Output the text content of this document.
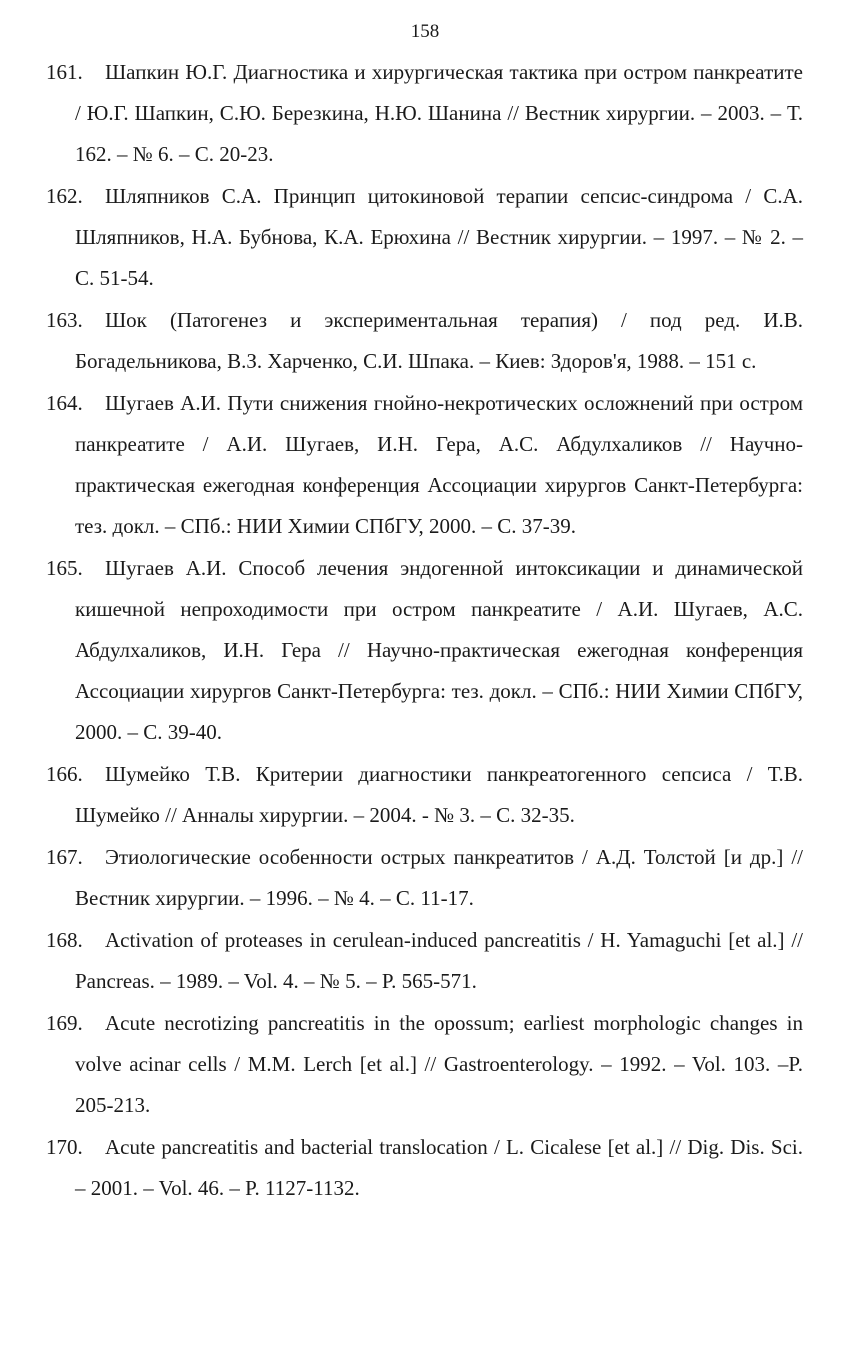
158
161. Шапкин Ю.Г. Диагностика и хирургическая тактика при остром панкреатите / Ю.Г. Шапкин, С.Ю. Березкина, Н.Ю. Шанина // Вестник хирургии. – 2003. – Т. 162. – № 6. – С. 20-23.
162. Шляпников С.А. Принцип цитокиновой терапии сепсис-синдрома / С.А. Шляпников, Н.А. Бубнова, К.А. Ерюхина // Вестник хирургии. – 1997. – № 2. – С. 51-54.
163. Шок (Патогенез и экспериментальная терапия) / под ред. И.В. Богадельникова, В.З. Харченко, С.И. Шпака. – Киев: Здоров'я, 1988. – 151 с.
164. Шугаев А.И. Пути снижения гнойно-некротических осложнений при остром панкреатите / А.И. Шугаев, И.Н. Гера, А.С. Абдулхаликов // Научно-практическая ежегодная конференция Ассоциации хирургов Санкт-Петербурга: тез. докл. – СПб.: НИИ Химии СПбГУ, 2000. – С. 37-39.
165. Шугаев А.И. Способ лечения эндогенной интоксикации и динамической кишечной непроходимости при остром панкреатите / А.И. Шугаев, А.С. Абдулхаликов, И.Н. Гера // Научно-практическая ежегодная конференция Ассоциации хирургов Санкт-Петербурга: тез. докл. – СПб.: НИИ Химии СПбГУ, 2000. – С. 39-40.
166. Шумейко Т.В. Критерии диагностики панкреатогенного сепсиса / Т.В. Шумейко // Анналы хирургии. – 2004. - № 3. – С. 32-35.
167. Этиологические особенности острых панкреатитов / А.Д. Толстой [и др.] // Вестник хирургии. – 1996. – № 4. – С. 11-17.
168. Activation of proteases in cerulean-induced pancreatitis / H. Yamaguchi [et al.] // Pancreas. – 1989. – Vol. 4. – № 5. – P. 565-571.
169. Acute necrotizing pancreatitis in the opossum; earliest morphologic changes in volve acinar cells / M.M. Lerch [et al.] // Gastroenterology. – 1992. – Vol. 103. –P. 205-213.
170. Acute pancreatitis and bacterial translocation / L. Cicalese [et al.] // Dig. Dis. Sci. – 2001. – Vol. 46. – P. 1127-1132.
